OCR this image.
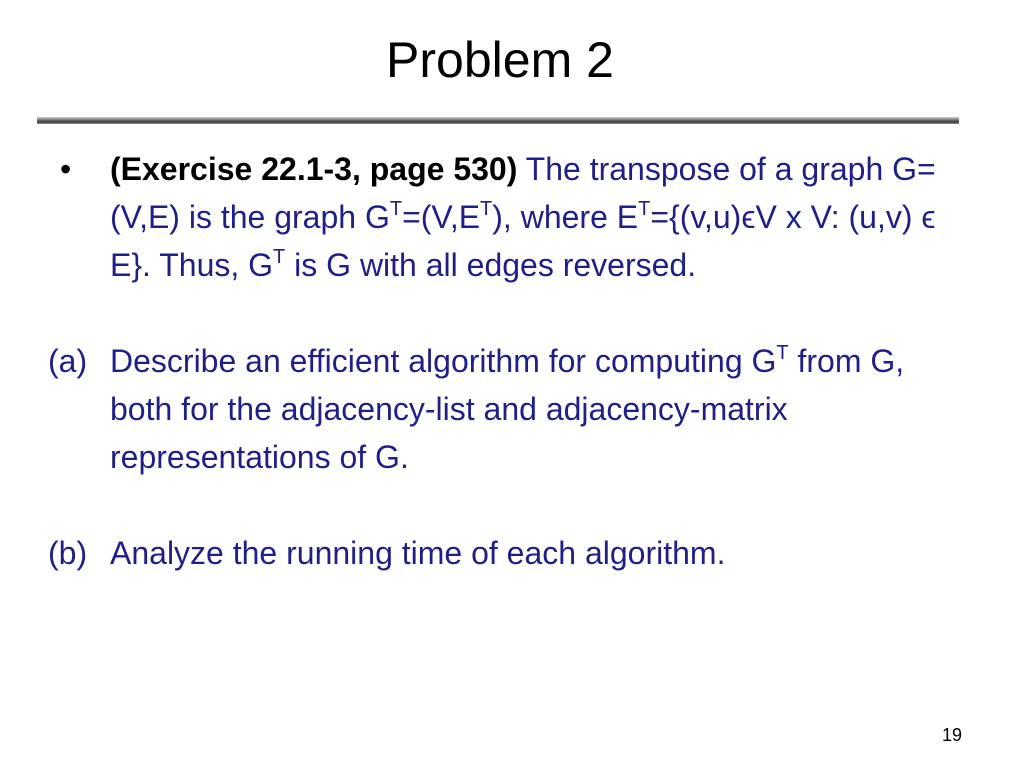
Problem 2
• (Exercise 22.1-3, page 530) The transpose of a graph G=(V,E) is the graph $G^T=(V,E^T)$, where $E^T=\{(v,u)\epsilon V$ x V: (u,v) ϵ E}. Thus, $G^T$ is G with all edges reversed.
(a) Describe an efficient algorithm for computing $G^T$ from G, both for the adjacency-list and adjacency-matrix representations of G.
(b) Analyze the running time of each algorithm.
19
